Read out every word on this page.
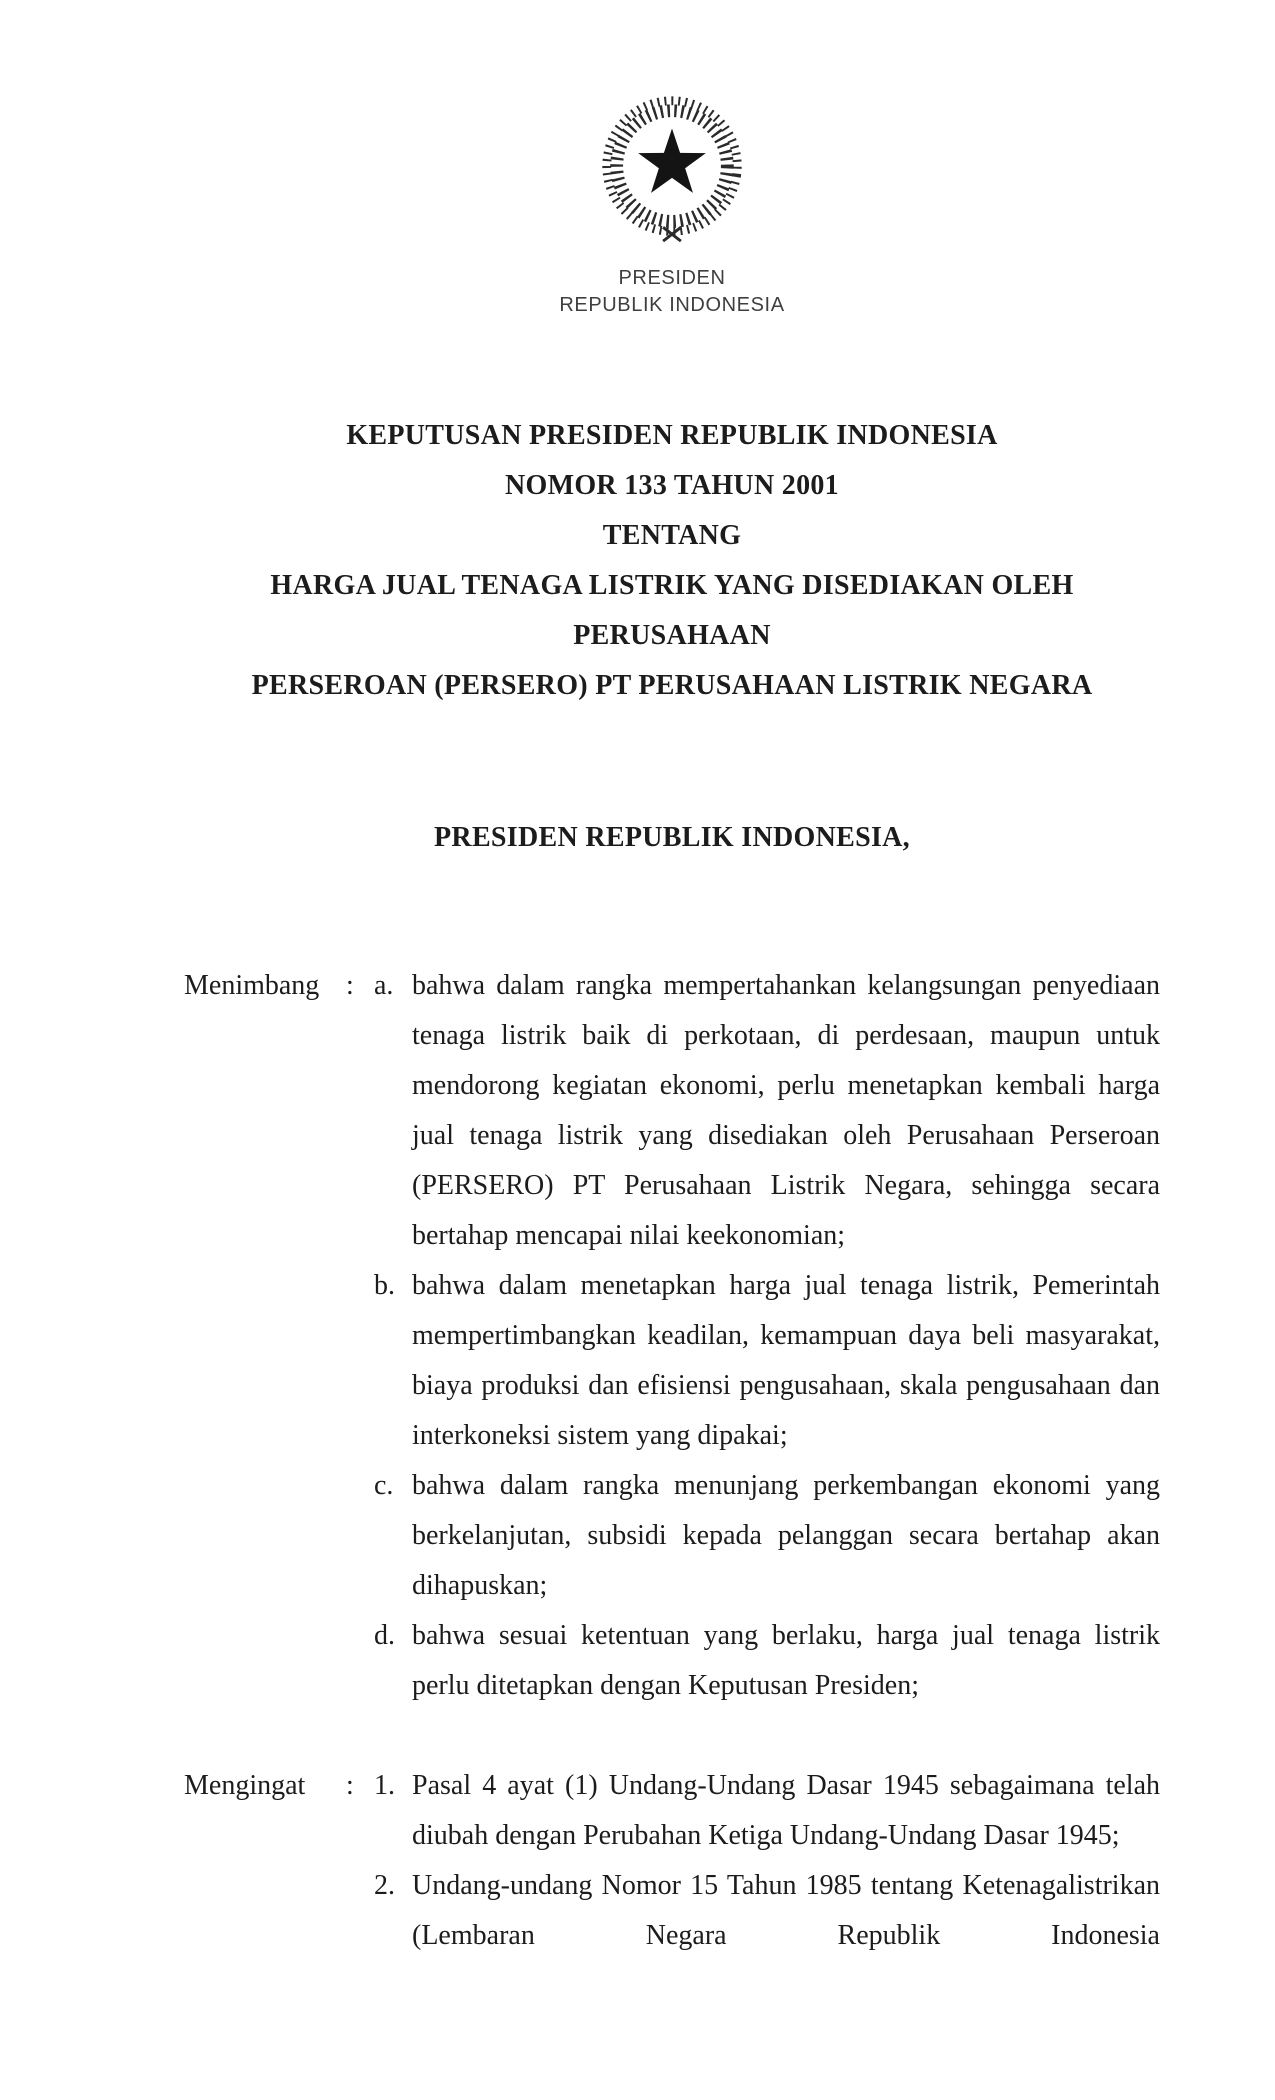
PRESIDEN
REPUBLIK INDONESIA
KEPUTUSAN PRESIDEN REPUBLIK INDONESIA
NOMOR 133 TAHUN 2001
TENTANG
HARGA JUAL TENAGA LISTRIK YANG DISEDIAKAN OLEH
PERUSAHAAN
PERSEROAN (PERSERO) PT PERUSAHAAN LISTRIK NEGARA
PRESIDEN REPUBLIK INDONESIA,
Menimbang : a. bahwa dalam rangka mempertahankan kelangsungan penyediaan tenaga listrik baik di perkotaan, di perdesaan, maupun untuk mendorong kegiatan ekonomi, perlu menetapkan kembali harga jual tenaga listrik yang disediakan oleh Perusahaan Perseroan (PERSERO) PT Perusahaan Listrik Negara, sehingga secara bertahap mencapai nilai keekonomian;
b. bahwa dalam menetapkan harga jual tenaga listrik, Pemerintah mempertimbangkan keadilan, kemampuan daya beli masyarakat, biaya produksi dan efisiensi pengusahaan, skala pengusahaan dan interkoneksi sistem yang dipakai;
c. bahwa dalam rangka menunjang perkembangan ekonomi yang berkelanjutan, subsidi kepada pelanggan secara bertahap akan dihapuskan;
d. bahwa sesuai ketentuan yang berlaku, harga jual tenaga listrik perlu ditetapkan dengan Keputusan Presiden;
Mengingat	: 1. Pasal 4 ayat (1) Undang-Undang Dasar 1945 sebagaimana telah diubah dengan Perubahan Ketiga Undang-Undang Dasar 1945;
2. Undang-undang Nomor 15 Tahun 1985 tentang Ketenagalistrikan (Lembaran Negara Republik Indonesia
